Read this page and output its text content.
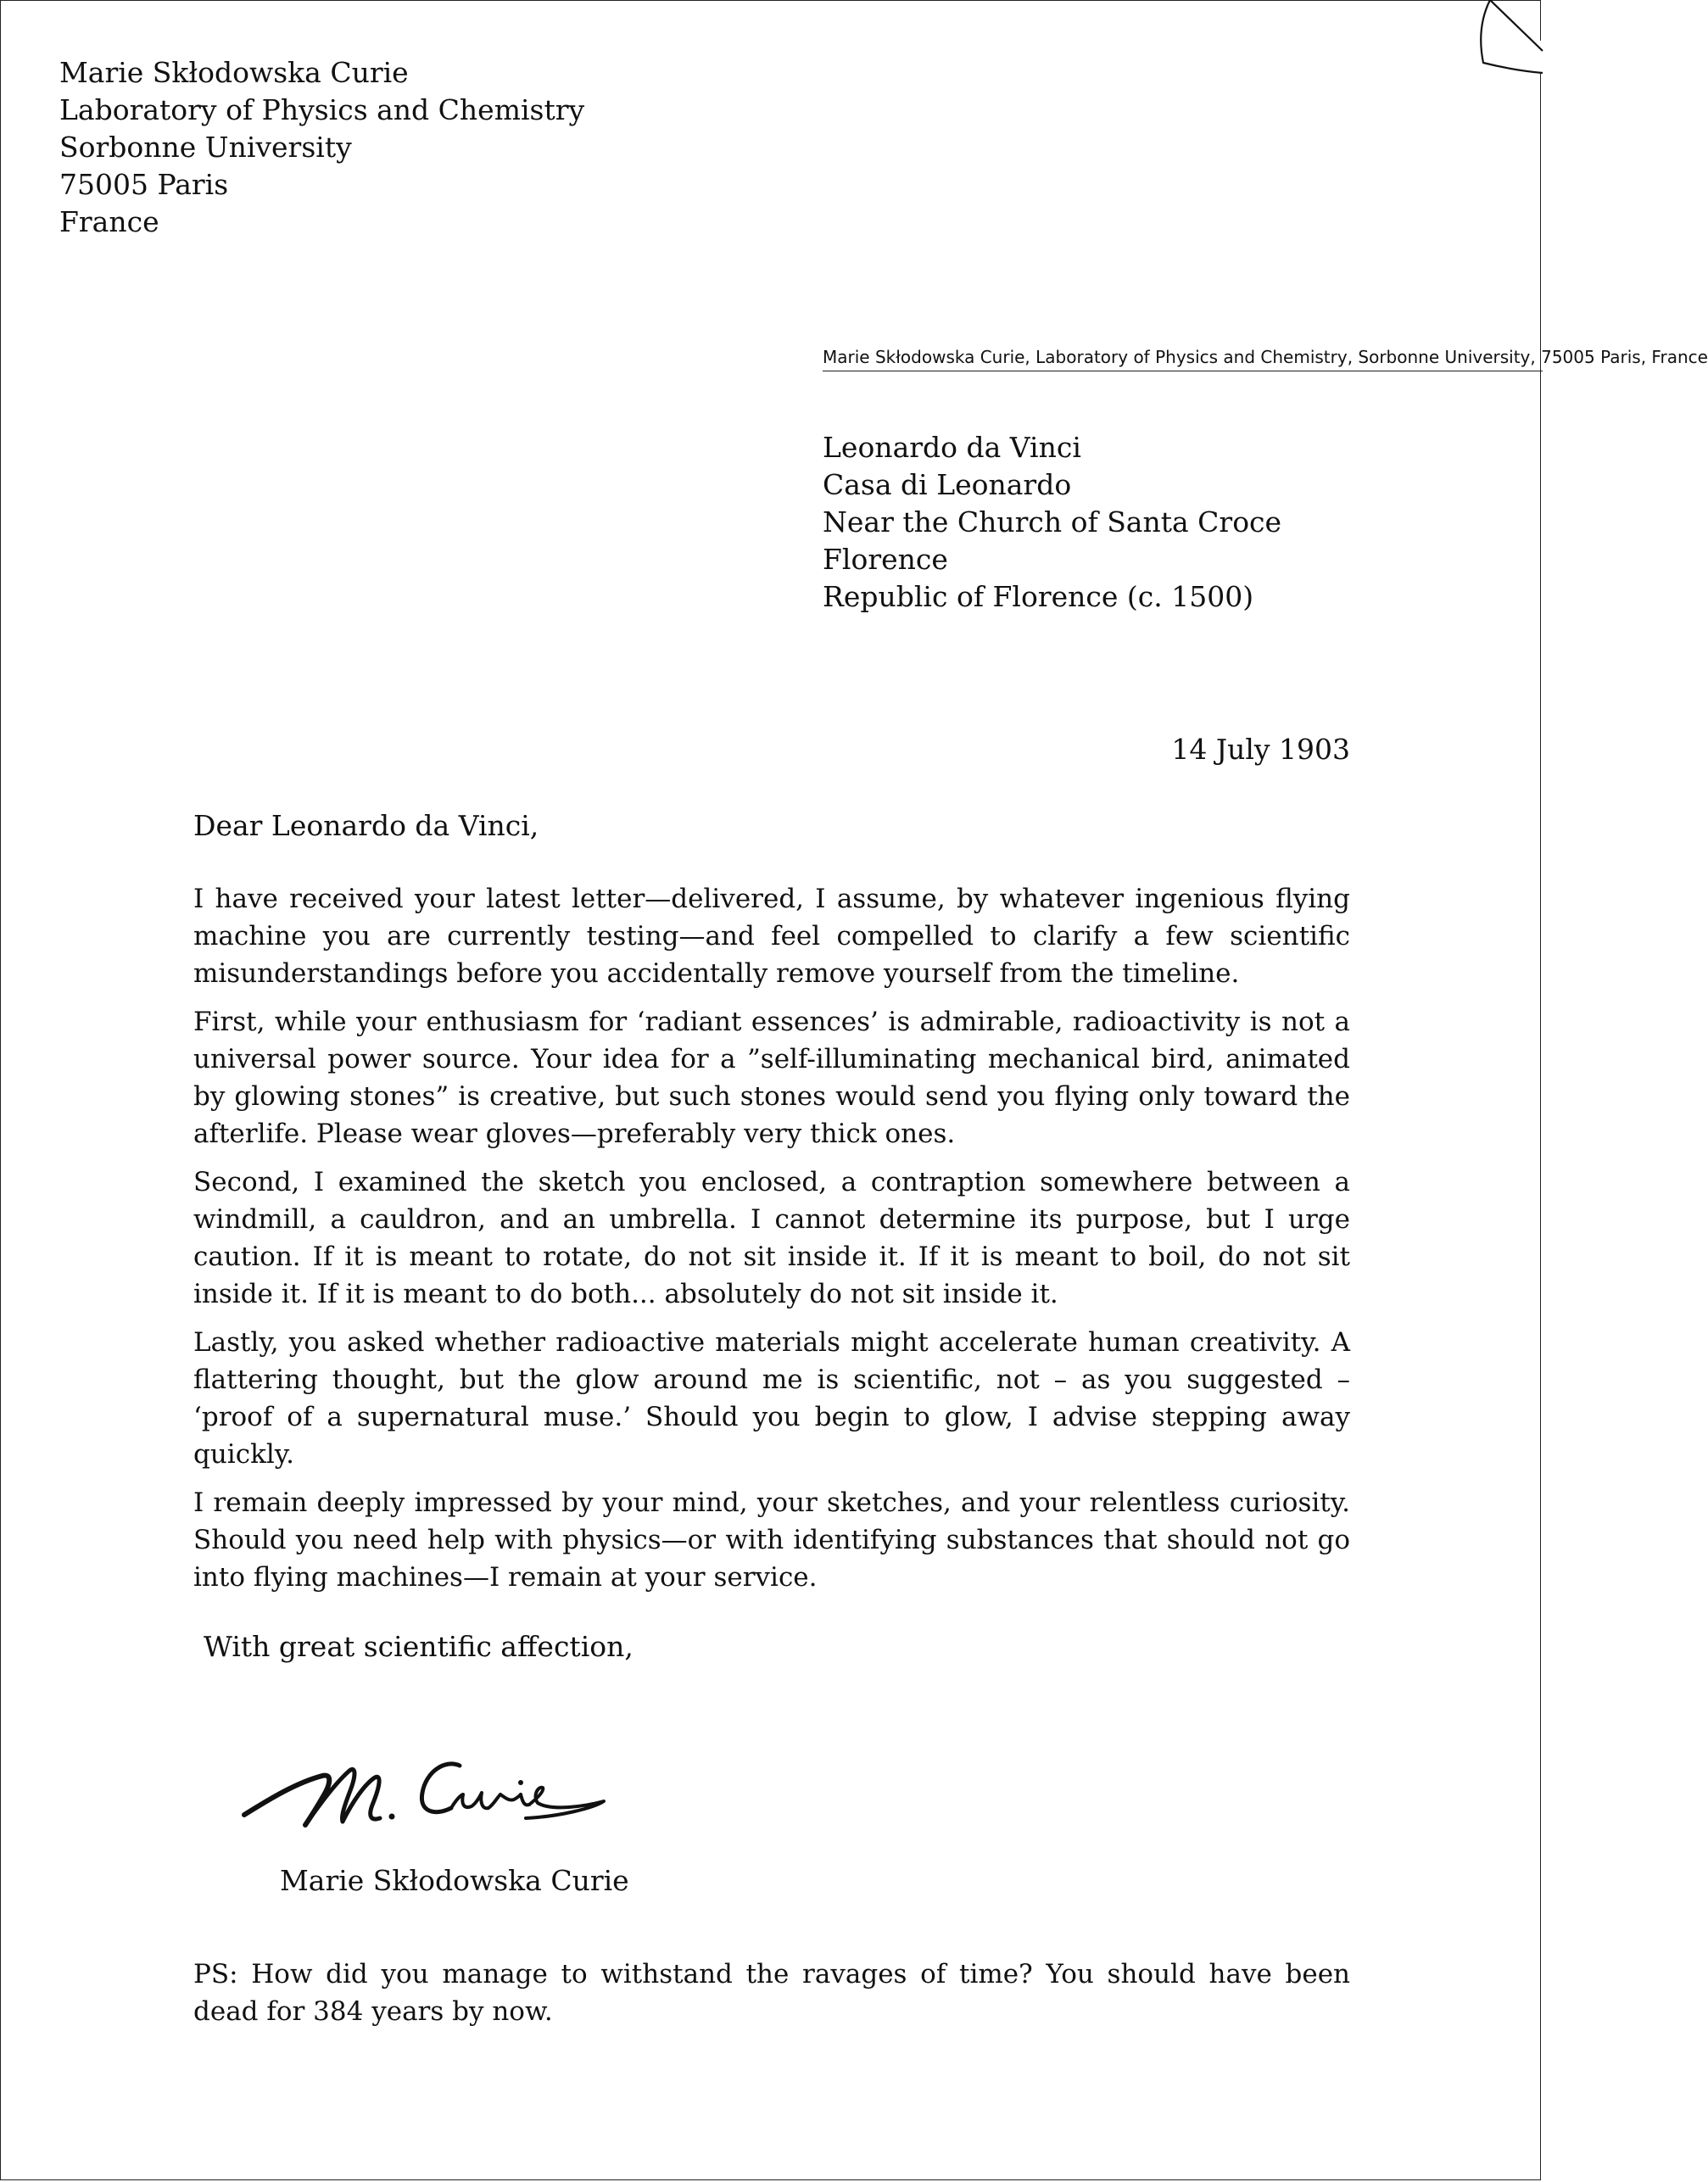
Marie Skłodowska Curie
Laboratory of Physics and Chemistry
Sorbonne University
75005 Paris
France
Marie Skłodowska Curie, Laboratory of Physics and Chemistry, Sorbonne University, 75005 Paris, France
Leonardo da Vinci
Casa di Leonardo
Near the Church of Santa Croce
Florence
Republic of Florence (c. 1500)
14 July 1903
Dear Leonardo da Vinci,

I have received your latest letter—delivered, I assume, by whatever ingenious flying machine you are currently testing—and feel compelled to clarify a few scientific misunderstandings before you accidentally remove yourself from the timeline.

First, while your enthusiasm for ‘radiant essences’ is admirable, radioactivity is not a universal power source. Your idea for a ”self-illuminating mechanical bird, animated by glowing stones” is creative, but such stones would send you flying only toward the afterlife. Please wear gloves—preferably very thick ones.

Second, I examined the sketch you enclosed, a contraption somewhere between a windmill, a cauldron, and an umbrella. I cannot determine its purpose, but I urge caution. If it is meant to rotate, do not sit inside it. If it is meant to boil, do not sit inside it. If it is meant to do both... absolutely do not sit inside it.

Lastly, you asked whether radioactive materials might accelerate human creativity. A flattering thought, but the glow around me is scientific, not – as you suggested – ‘proof of a supernatural muse.’ Should you begin to glow, I advise stepping away quickly.

I remain deeply impressed by your mind, your sketches, and your relentless curiosity. Should you need help with physics—or with identifying substances that should not go into flying machines—I remain at your service.

With great scientific affection,
Marie Skłodowska Curie
PS: How did you manage to withstand the ravages of time? You should have been dead for 384 years by now.
